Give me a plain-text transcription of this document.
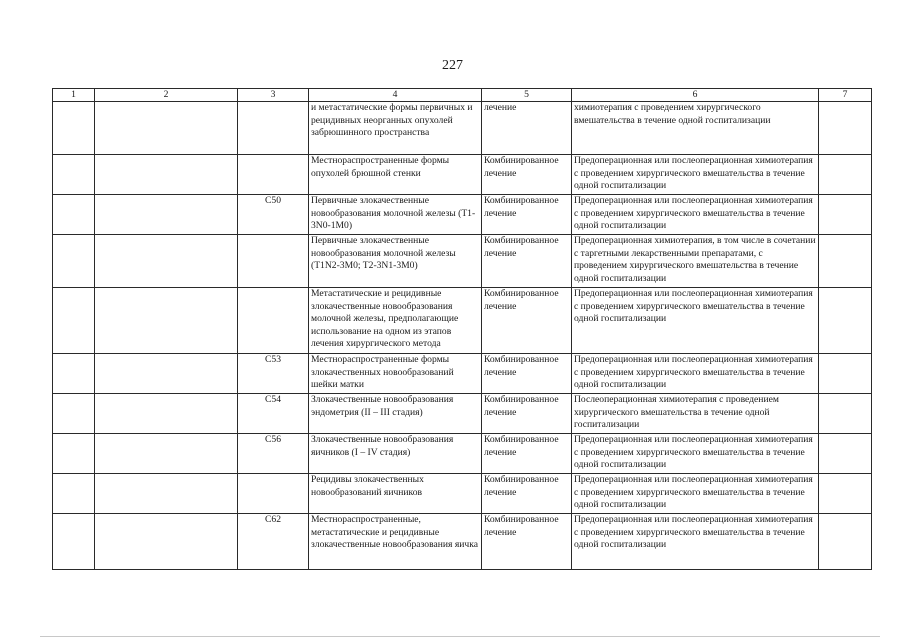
227
1	2	3	4	5	6	7
			и метастатические формы первичных и рецидивных неорганных опухолей забрюшинного пространства	лечение	химиотерапия с проведением хирургического вмешательства в течение одной госпитализации	
			Местнораспространенные формы опухолей брюшной стенки	Комбинированное лечение	Предоперационная или послеоперационная химиотерапия с проведением хирургического вмешательства в течение одной госпитализации	
		C50	Первичные злокачественные новообразования молочной железы (T1-3N0-1M0)	Комбинированное лечение	Предоперационная или послеоперационная химиотерапия с проведением хирургического вмешательства в течение одной госпитализации	
			Первичные злокачественные новообразования молочной железы (T1N2-3M0; T2-3N1-3M0)	Комбинированное лечение	Предоперационная химиотерапия, в том числе в сочетании с таргетными лекарственными препаратами, с проведением хирургического вмешательства в течение одной госпитализации	
			Метастатические и рецидивные злокачественные новообразования молочной железы, предполагающие использование на одном из этапов лечения хирургического метода	Комбинированное лечение	Предоперационная или послеоперационная химиотерапия с проведением хирургического вмешательства в течение одной госпитализации	
		C53	Местнораспространенные формы злокачественных новообразований шейки матки	Комбинированное лечение	Предоперационная или послеоперационная химиотерапия с проведением хирургического вмешательства в течение одной госпитализации	
		C54	Злокачественные новообразования эндометрия (II – III стадия)	Комбинированное лечение	Послеоперационная химиотерапия с проведением хирургического вмешательства в течение одной госпитализации	
		C56	Злокачественные новообразования яичников (I – IV стадия)	Комбинированное лечение	Предоперационная или послеоперационная химиотерапия с проведением хирургического вмешательства в течение одной госпитализации	
			Рецидивы злокачественных новообразований яичников	Комбинированное лечение	Предоперационная или послеоперационная химиотерапия с проведением хирургического вмешательства в течение одной госпитализации	
		C62	Местнораспространенные, метастатические и рецидивные злокачественные новообразования яичка	Комбинированное лечение	Предоперационная или послеоперационная химиотерапия с проведением хирургического вмешательства в течение одной госпитализации	
